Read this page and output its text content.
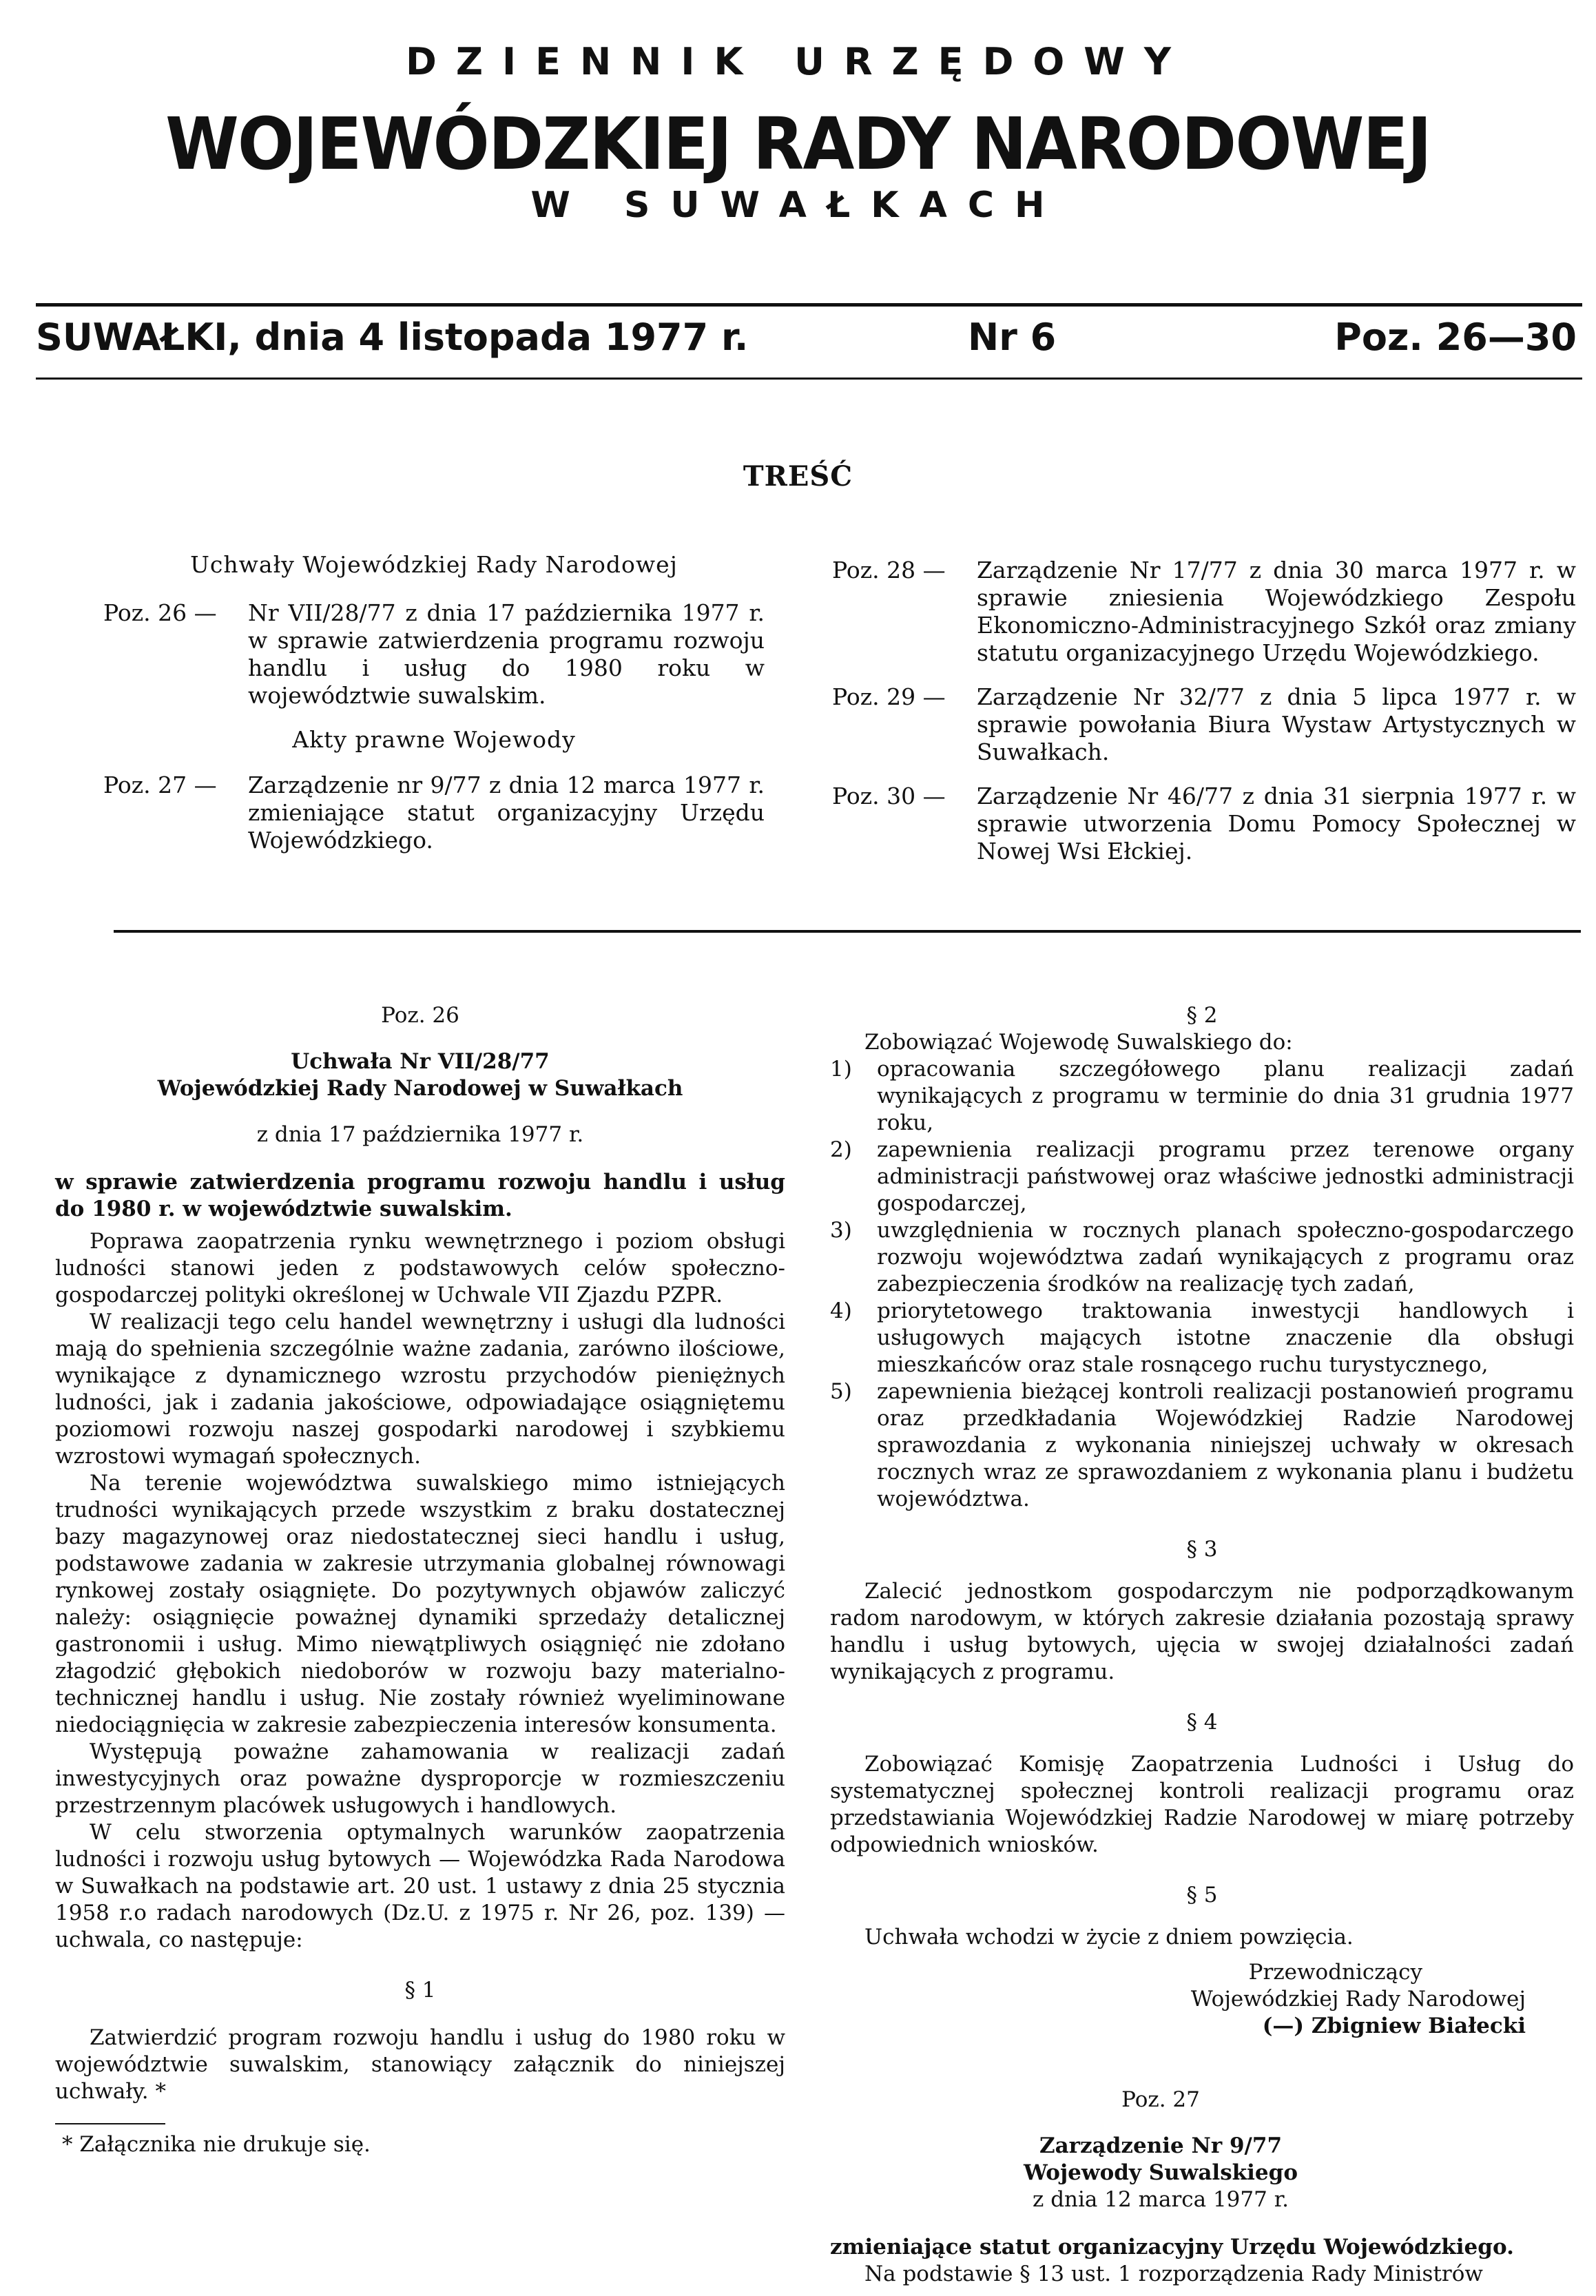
DZIENNIK URZĘDOWY
WOJEWÓDZKIEJ RADY NARODOWEJ
W SUWAŁKACH
SUWAŁKI, dnia 4 listopada 1977 r.	Nr 6	Poz. 26—30
TREŚĆ
Uchwały Wojewódzkiej Rady Narodowej
Poz. 26 — Nr VII/28/77 z dnia 17 października 1977 r. w sprawie zatwierdzenia programu rozwoju handlu i usług do 1980 roku w województwie suwalskim.
Akty prawne Wojewody
Poz. 27 — Zarządzenie nr 9/77 z dnia 12 marca 1977 r. zmieniające statut organizacyjny Urzędu Wojewódzkiego.
Poz. 28 — Zarządzenie Nr 17/77 z dnia 30 marca 1977 r. w sprawie zniesienia Wojewódzkiego Zespołu Ekonomiczno-Administracyjnego Szkół oraz zmiany statutu organizacyjnego Urzędu Wojewódzkiego.
Poz. 29 — Zarządzenie Nr 32/77 z dnia 5 lipca 1977 r. w sprawie powołania Biura Wystaw Artystycznych w Suwałkach.
Poz. 30 — Zarządzenie Nr 46/77 z dnia 31 sierpnia 1977 r. w sprawie utworzenia Domu Pomocy Społecznej w Nowej Wsi Ełckiej.

Poz. 26

Uchwała Nr VII/28/77

Wojewódzkiej Rady Narodowej w Suwałkach

z dnia 17 października 1977 r.

w sprawie zatwierdzenia programu rozwoju handlu i usług do 1980 r. w województwie suwalskim.

Poprawa zaopatrzenia rynku wewnętrznego i poziom obsługi ludności stanowi jeden z podstawowych celów społeczno-gospodarczej polityki określonej w Uchwale VII Zjazdu PZPR.

W realizacji tego celu handel wewnętrzny i usługi dla ludności mają do spełnienia szczególnie ważne zadania, zarówno ilościowe, wynikające z dynamicznego wzrostu przychodów pieniężnych ludności, jak i zadania jakościowe, odpowiadające osiągniętemu poziomowi rozwoju naszej gospodarki narodowej i szybkiemu wzrostowi wymagań społecznych.

Na terenie województwa suwalskiego mimo istniejących trudności wynikających przede wszystkim z braku dostatecznej bazy magazynowej oraz niedostatecznej sieci handlu i usług, podstawowe zadania w zakresie utrzymania globalnej równowagi rynkowej zostały osiągnięte. Do pozytywnych objawów zaliczyć należy: osiągnięcie poważnej dynamiki sprzedaży detalicznej gastronomii i usług. Mimo niewątpliwych osiągnięć nie zdołano złagodzić głębokich niedoborów w rozwoju bazy materialno-technicznej handlu i usług. Nie zostały również wyeliminowane niedociągnięcia w zakresie zabezpieczenia interesów konsumenta.

Występują poważne zahamowania w realizacji zadań inwestycyjnych oraz poważne dysproporcje w rozmieszczeniu przestrzennym placówek usługowych i handlowych.

W celu stworzenia optymalnych warunków zaopatrzenia ludności i rozwoju usług bytowych — Wojewódzka Rada Narodowa w Suwałkach na podstawie art. 20 ust. 1 ustawy z dnia 25 stycznia 1958 r.o radach narodowych (Dz.U. z 1975 r. Nr 26, poz. 139) — uchwala, co następuje:

§ 1

Zatwierdzić program rozwoju handlu i usług do 1980 roku w województwie suwalskim, stanowiący załącznik do niniejszej uchwały. *

* Załącznika nie drukuje się.

§ 2

Zobowiązać Wojewodę Suwalskiego do:

1) opracowania szczegółowego planu realizacji zadań wynikających z programu w terminie do dnia 31 grudnia 1977 roku,
2) zapewnienia realizacji programu przez terenowe organy administracji państwowej oraz właściwe jednostki administracji gospodarczej,
3) uwzględnienia w rocznych planach społeczno-gospodarczego rozwoju województwa zadań wynikających z programu oraz zabezpieczenia środków na realizację tych zadań,
4) priorytetowego traktowania inwestycji handlowych i usługowych mających istotne znaczenie dla obsługi mieszkańców oraz stale rosnącego ruchu turystycznego,
5) zapewnienia bieżącej kontroli realizacji postanowień programu oraz przedkładania Wojewódzkiej Radzie Narodowej sprawozdania z wykonania niniejszej uchwały w okresach rocznych wraz ze sprawozdaniem z wykonania planu i budżetu województwa.

§ 3

Zalecić jednostkom gospodarczym nie podporządkowanym radom narodowym, w których zakresie działania pozostają sprawy handlu i usług bytowych, ujęcia w swojej działalności zadań wynikających z programu.

§ 4

Zobowiązać Komisję Zaopatrzenia Ludności i Usług do systematycznej społecznej kontroli realizacji programu oraz przedstawiania Wojewódzkiej Radzie Narodowej w miarę potrzeby odpowiednich wniosków.

§ 5

Uchwała wchodzi w życie z dniem powzięcia.

Przewodniczący

Wojewódzkiej Rady Narodowej

(—) Zbigniew Białecki

Poz. 27

Zarządzenie Nr 9/77

Wojewody Suwalskiego

z dnia 12 marca 1977 r.

zmieniające statut organizacyjny Urzędu Wojewódzkiego.

Na podstawie § 13 ust. 1 rozporządzenia Rady Ministrów
